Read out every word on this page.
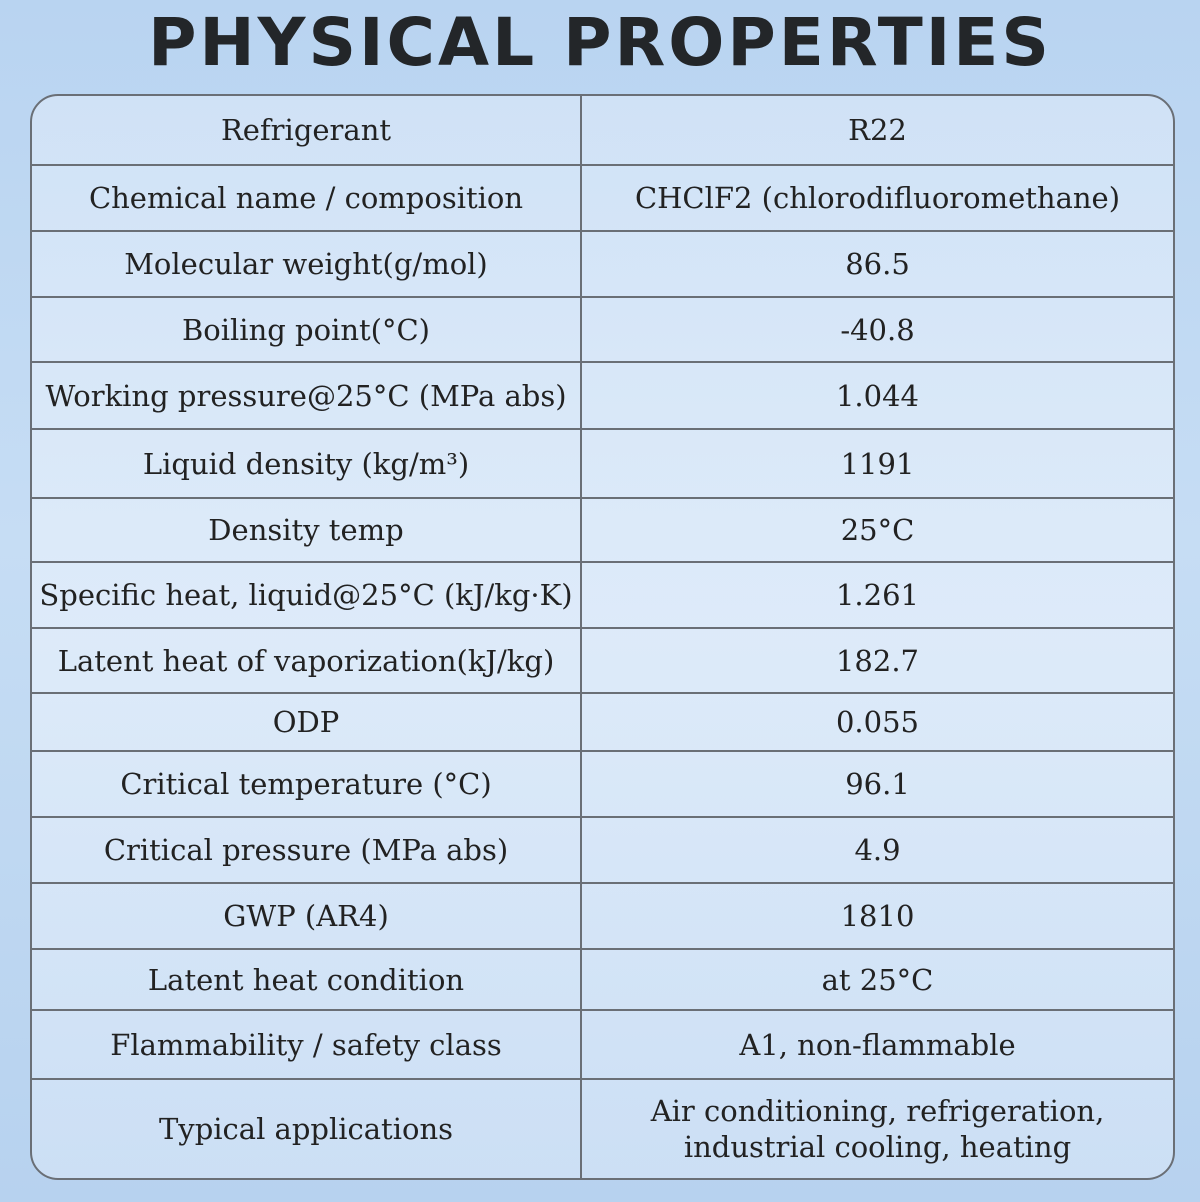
PHYSICAL PROPERTIES
Refrigerant	R22
Chemical name / composition	CHClF2 (chlorodifluoromethane)
Molecular weight(g/mol)	86.5
Boiling point(°C)	-40.8
Working pressure@25°C (MPa abs)	1.044
Liquid density (kg/m³)	1191
Density temp	25°C
Specific heat, liquid@25°C (kJ/kg·K)	1.261
Latent heat of vaporization(kJ/kg)	182.7
ODP	0.055
Critical temperature (°C)	96.1
Critical pressure (MPa abs)	4.9
GWP (AR4)	1810
Latent heat condition	at 25°C
Flammability / safety class	A1, non-flammable
Typical applications	Air conditioning, refrigeration,
industrial cooling, heating
